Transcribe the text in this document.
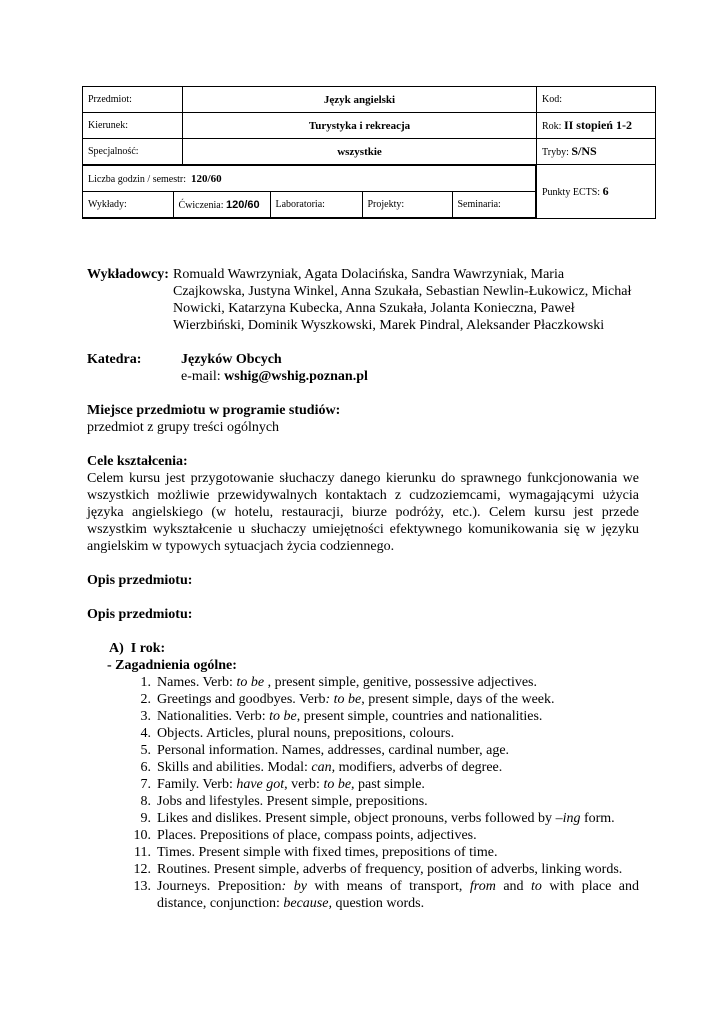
Przedmiot:	Język angielski	Kod:
Kierunek:	Turystyka i rekreacja	Rok: II stopień 1-2
Specjalność:	wszystkie	Tryby: S/NS

Liczba godzin / semestr: 120/60
Wykłady:	Ćwiczenia: 120/60	Laboratoria:	Projekty:	Seminaria:
	Punkty ECTS: 6
Wykładowcy: Romuald Wawrzyniak, Agata Dolacińska, Sandra Wawrzyniak, Maria Czajkowska, Justyna Winkel, Anna Szukała, Sebastian Newlin-Łukowicz, Michał Nowicki, Katarzyna Kubecka, Anna Szukała, Jolanta Konieczna, Paweł Wierzbiński, Dominik Wyszkowski, Marek Pindral, Aleksander Płaczkowski
Katedra:	Języków Obcych
e-mail: wshig@wshig.poznan.pl
Miejsce przedmiotu w programie studiów:
przedmiot z grupy treści ogólnych
Cele kształcenia:
Celem kursu jest przygotowanie słuchaczy danego kierunku do sprawnego funkcjonowania we wszystkich możliwie przewidywalnych kontaktach z cudzoziemcami, wymagającymi użycia języka angielskiego (w hotelu, restauracji, biurze podróży, etc.). Celem kursu jest przede wszystkim wykształcenie u słuchaczy umiejętności efektywnego komunikowania się w języku angielskim w typowych sytuacjach życia codziennego.
Opis przedmiotu:
Opis przedmiotu:
A) I rok:
- Zagadnienia ogólne:
1. Names. Verb: to be , present simple, genitive, possessive adjectives.
2. Greetings and goodbyes. Verb: to be, present simple, days of the week.
3. Nationalities. Verb: to be, present simple, countries and nationalities.
4. Objects. Articles, plural nouns, prepositions, colours.
5. Personal information. Names, addresses, cardinal number, age.
6. Skills and abilities. Modal: can, modifiers, adverbs of degree.
7. Family. Verb: have got, verb: to be, past simple.
8. Jobs and lifestyles. Present simple, prepositions.
9. Likes and dislikes. Present simple, object pronouns, verbs followed by –ing form.
10. Places. Prepositions of place, compass points, adjectives.
11. Times. Present simple with fixed times, prepositions of time.
12. Routines. Present simple, adverbs of frequency, position of adverbs, linking words.
13. Journeys. Preposition: by with means of transport, from and to with place and distance, conjunction: because, question words.
